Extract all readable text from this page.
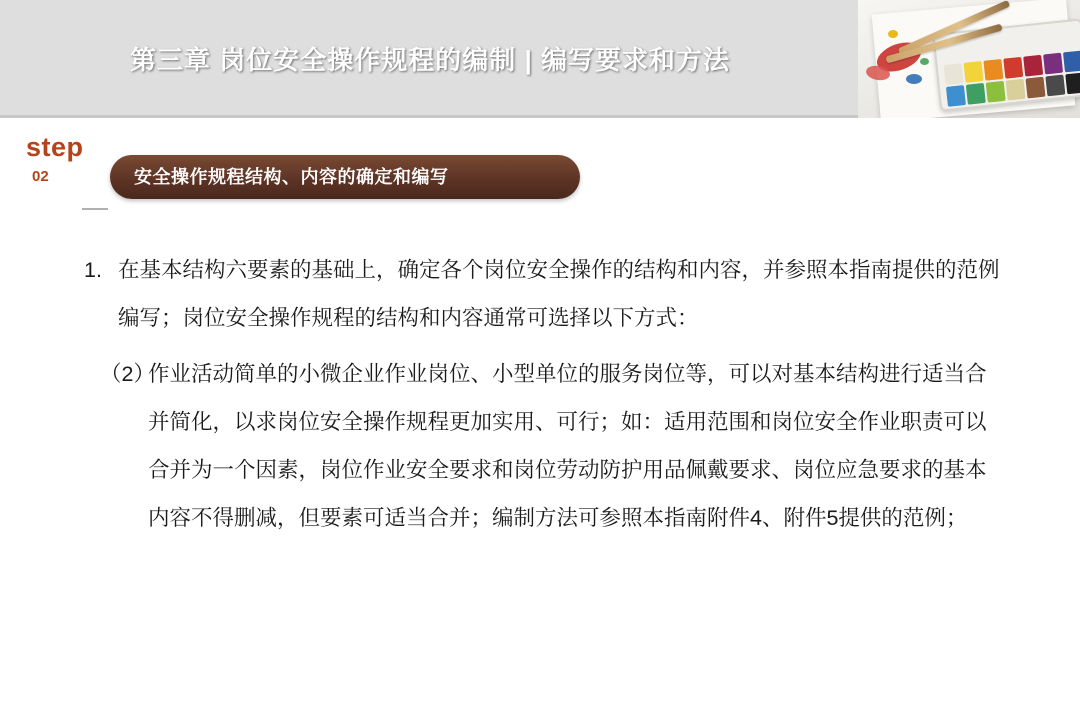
第三章 岗位安全操作规程的编制 | 编写要求和方法
step
02	安全操作规程结构、内容的确定和编写
1. 在基本结构六要素的基础上，确定各个岗位安全操作的结构和内容，并参照本指南提供的范例编写；岗位安全操作规程的结构和内容通常可选择以下方式：
（2）
作业活动简单的小微企业作业岗位、小型单位的服务岗位等，可以对基本结构进行适当合并简化，以求岗位安全操作规程更加实用、可行；如：适用范围和岗位安全作业职责可以合并为一个因素，岗位作业安全要求和岗位劳动防护用品佩戴要求、岗位应急要求的基本内容不得删减，但要素可适当合并；编制方法可参照本指南附件4、附件5提供的范例；
